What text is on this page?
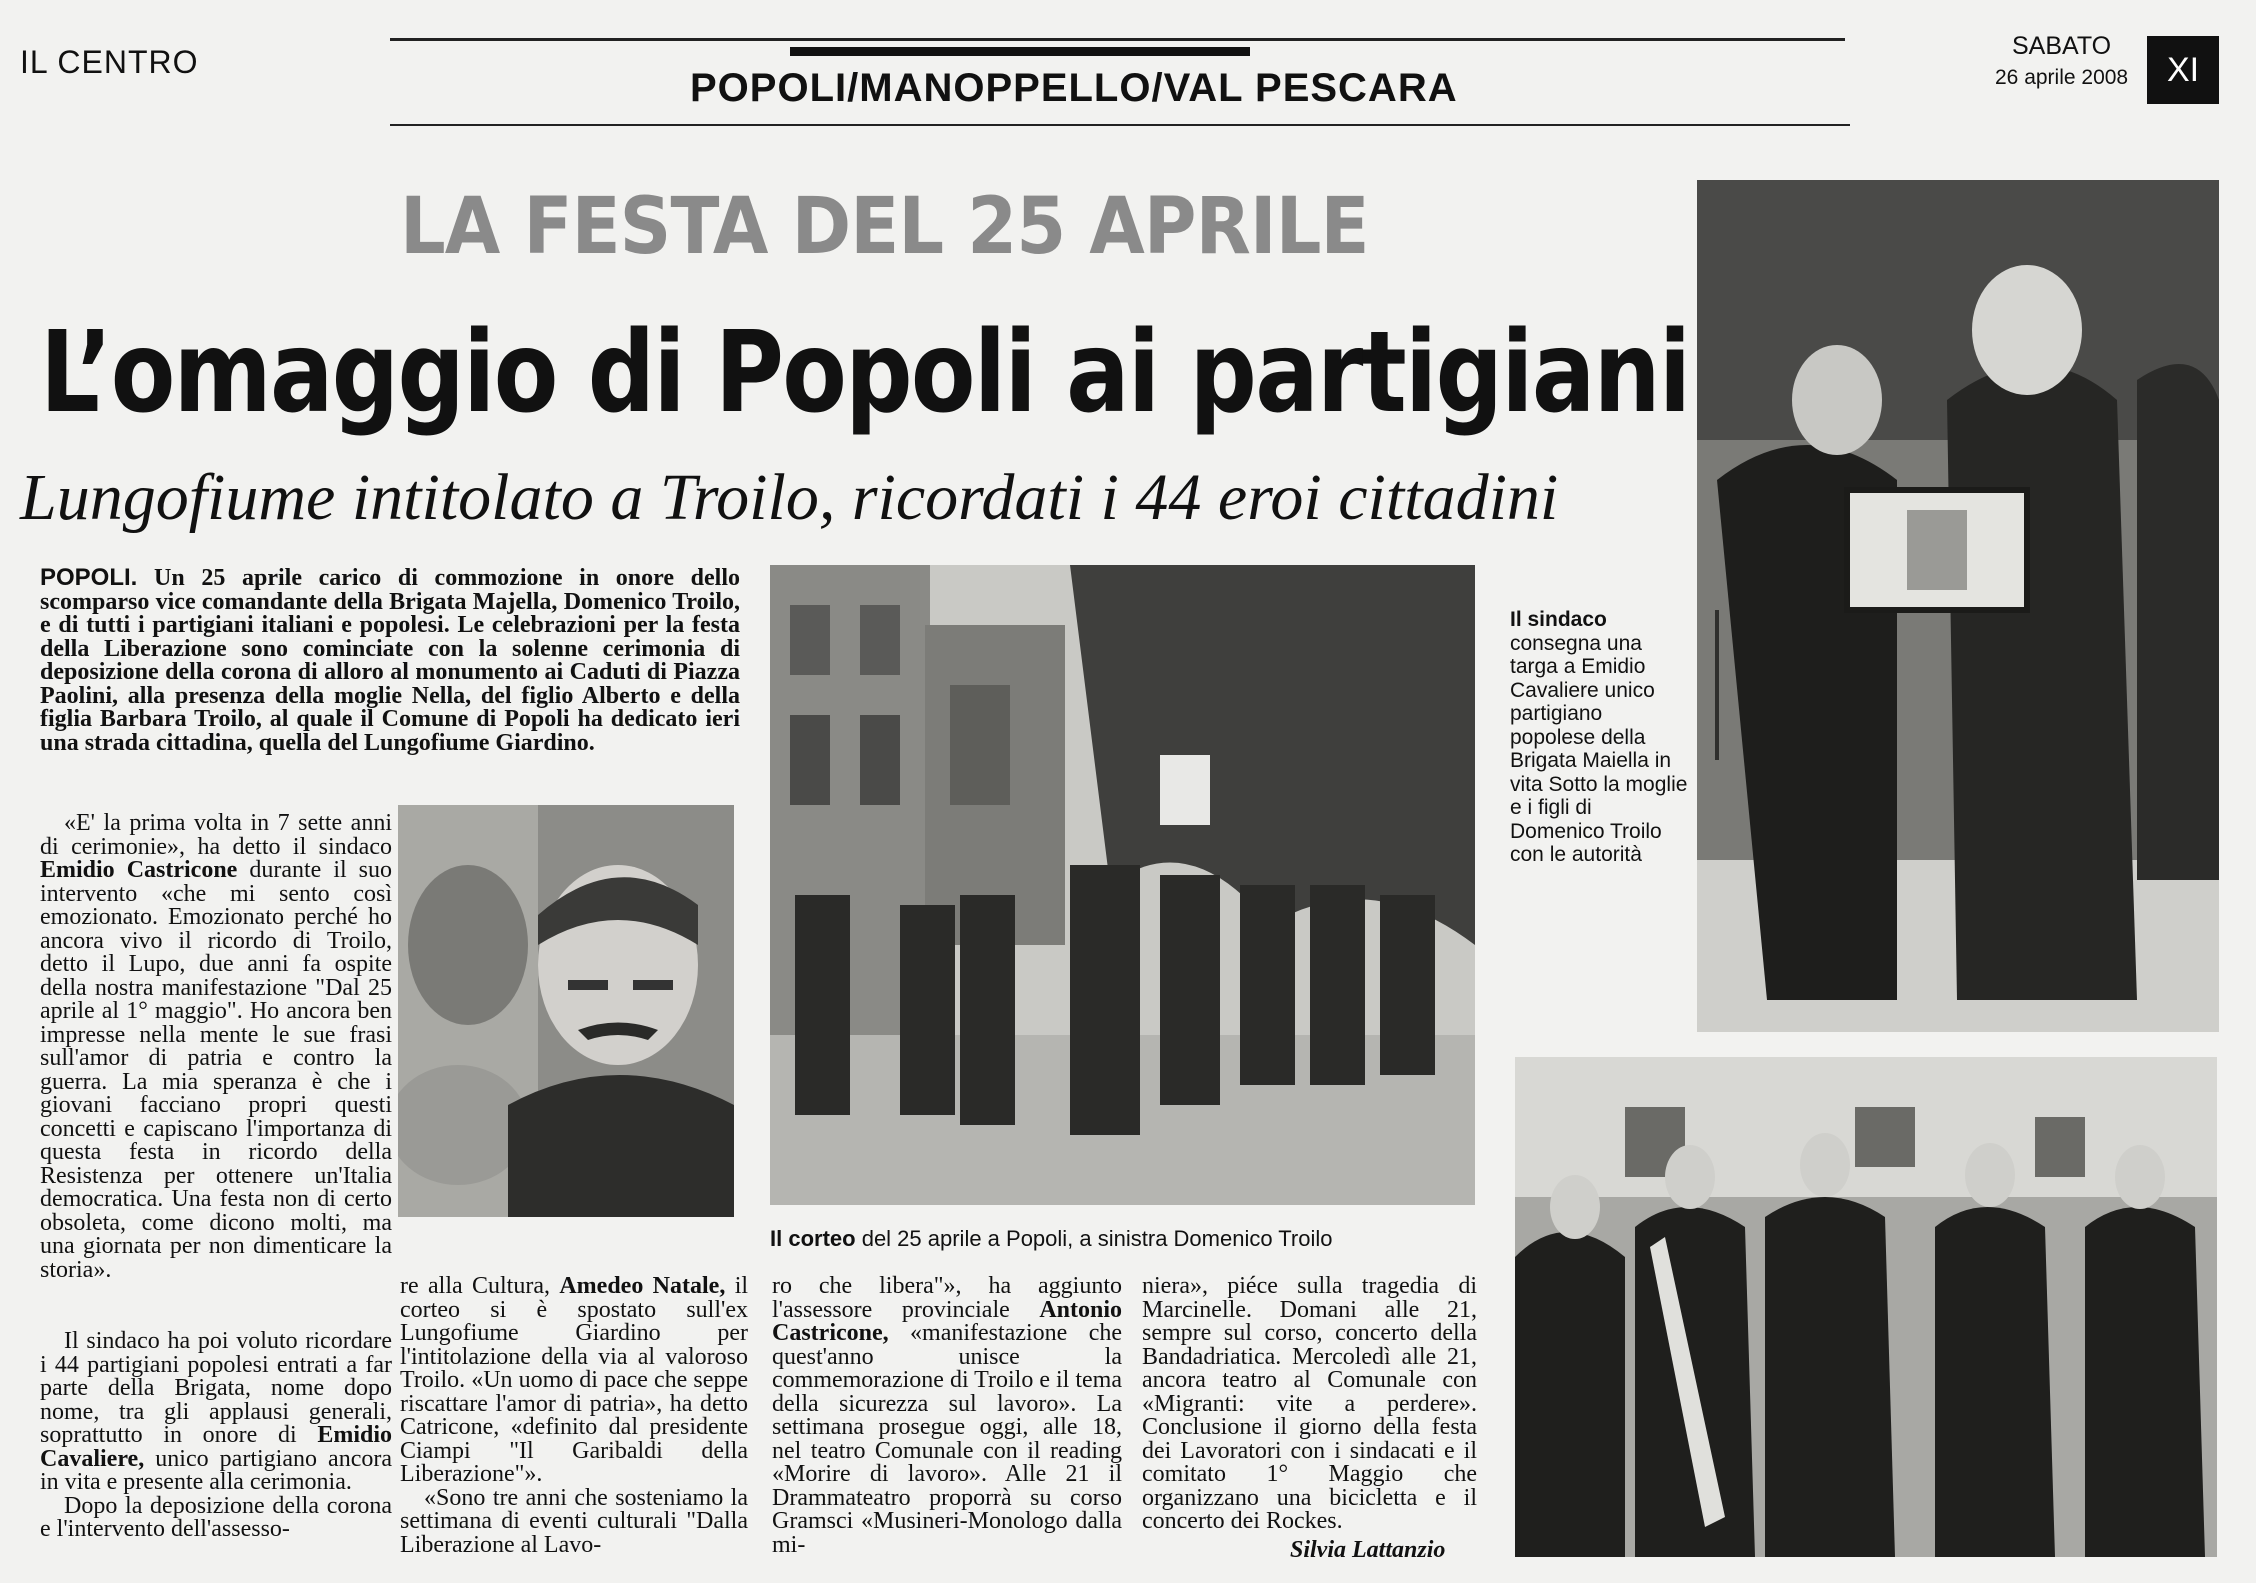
IL CENTRO
POPOLI/MANOPPELLO/VAL PESCARA
SABATO
26 aprile 2008	XI
LA FESTA DEL 25 APRILE
L’omaggio di Popoli ai partigiani
Lungofiume intitolato a Troilo, ricordati i 44 eroi cittadini
POPOLI. Un 25 aprile carico di commozione in onore dello scomparso vice comandante della Brigata Majella, Domenico Troilo, e di tutti i partigiani italiani e popolesi. Le celebrazioni per la festa della Liberazione sono cominciate con la solenne cerimonia di deposizione della corona di alloro al monumento ai Caduti di Piazza Paolini, alla presenza della moglie Nella, del figlio Alberto e della figlia Barbara Troilo, al quale il Comune di Popoli ha dedicato ieri una strada cittadina, quella del Lungofiume Giardino.

«E' la prima volta in 7 sette anni di cerimonie», ha detto il sindaco Emidio Castricone durante il suo intervento «che mi sento così emozionato. Emozionato perché ho ancora vivo il ricordo di Troilo, detto il Lupo, due anni fa ospite della nostra manifestazione "Dal 25 aprile al 1° maggio". Ho ancora ben impresse nella mente le sue frasi sull'amor di patria e contro la guerra. La mia speranza è che i giovani facciano propri questi concetti e capiscano l'importanza di questa festa in ricordo della Resistenza per ottenere un'Italia democratica. Una festa non di certo obsoleta, come dicono molti, ma una giornata per non dimenticare la storia».

Il sindaco ha poi voluto ricordare i 44 partigiani popolesi entrati a far parte della Brigata, nome dopo nome, tra gli applausi generali, soprattutto in onore di Emidio Cavaliere, unico partigiano ancora in vita e presente alla cerimonia.

Dopo la deposizione della corona e l'intervento dell'assesso-

re alla Cultura, Amedeo Natale, il corteo si è spostato sull'ex Lungofiume Giardino per l'intitolazione della via al valoroso Troilo. «Un uomo di pace che seppe riscattare l'amor di patria», ha detto Catricone, «definito dal presidente Ciampi "Il Garibaldi della Liberazione"».

«Sono tre anni che sosteniamo la settimana di eventi culturali "Dalla Liberazione al Lavo-

ro che libera"», ha aggiunto l'assessore provinciale Antonio Castricone, «manifestazione che quest'anno unisce la commemorazione di Troilo e il tema della sicurezza sul lavoro». La settimana prosegue oggi, alle 18, nel teatro Comunale con il reading «Morire di lavoro». Alle 21 il Drammateatro proporrà su corso Gramsci «Musineri-Monologo dalla mi-

niera», piéce sulla tragedia di Marcinelle. Domani alle 21, sempre sul corso, concerto della Bandadriatica. Mercoledì alle 21, ancora teatro al Comunale con «Migranti: vite a perdere». Conclusione il giorno della festa dei Lavoratori con i sindacati e il comitato 1° Maggio che organizzano una bicicletta e il concerto dei Rockes.

Silvia Lattanzio
Il corteo del 25 aprile a Popoli, a sinistra Domenico Troilo
Il sindaco consegna una targa a Emidio Cavaliere unico partigiano popolese della Brigata Maiella in vita Sotto la moglie e i figli di Domenico Troilo con le autorità
